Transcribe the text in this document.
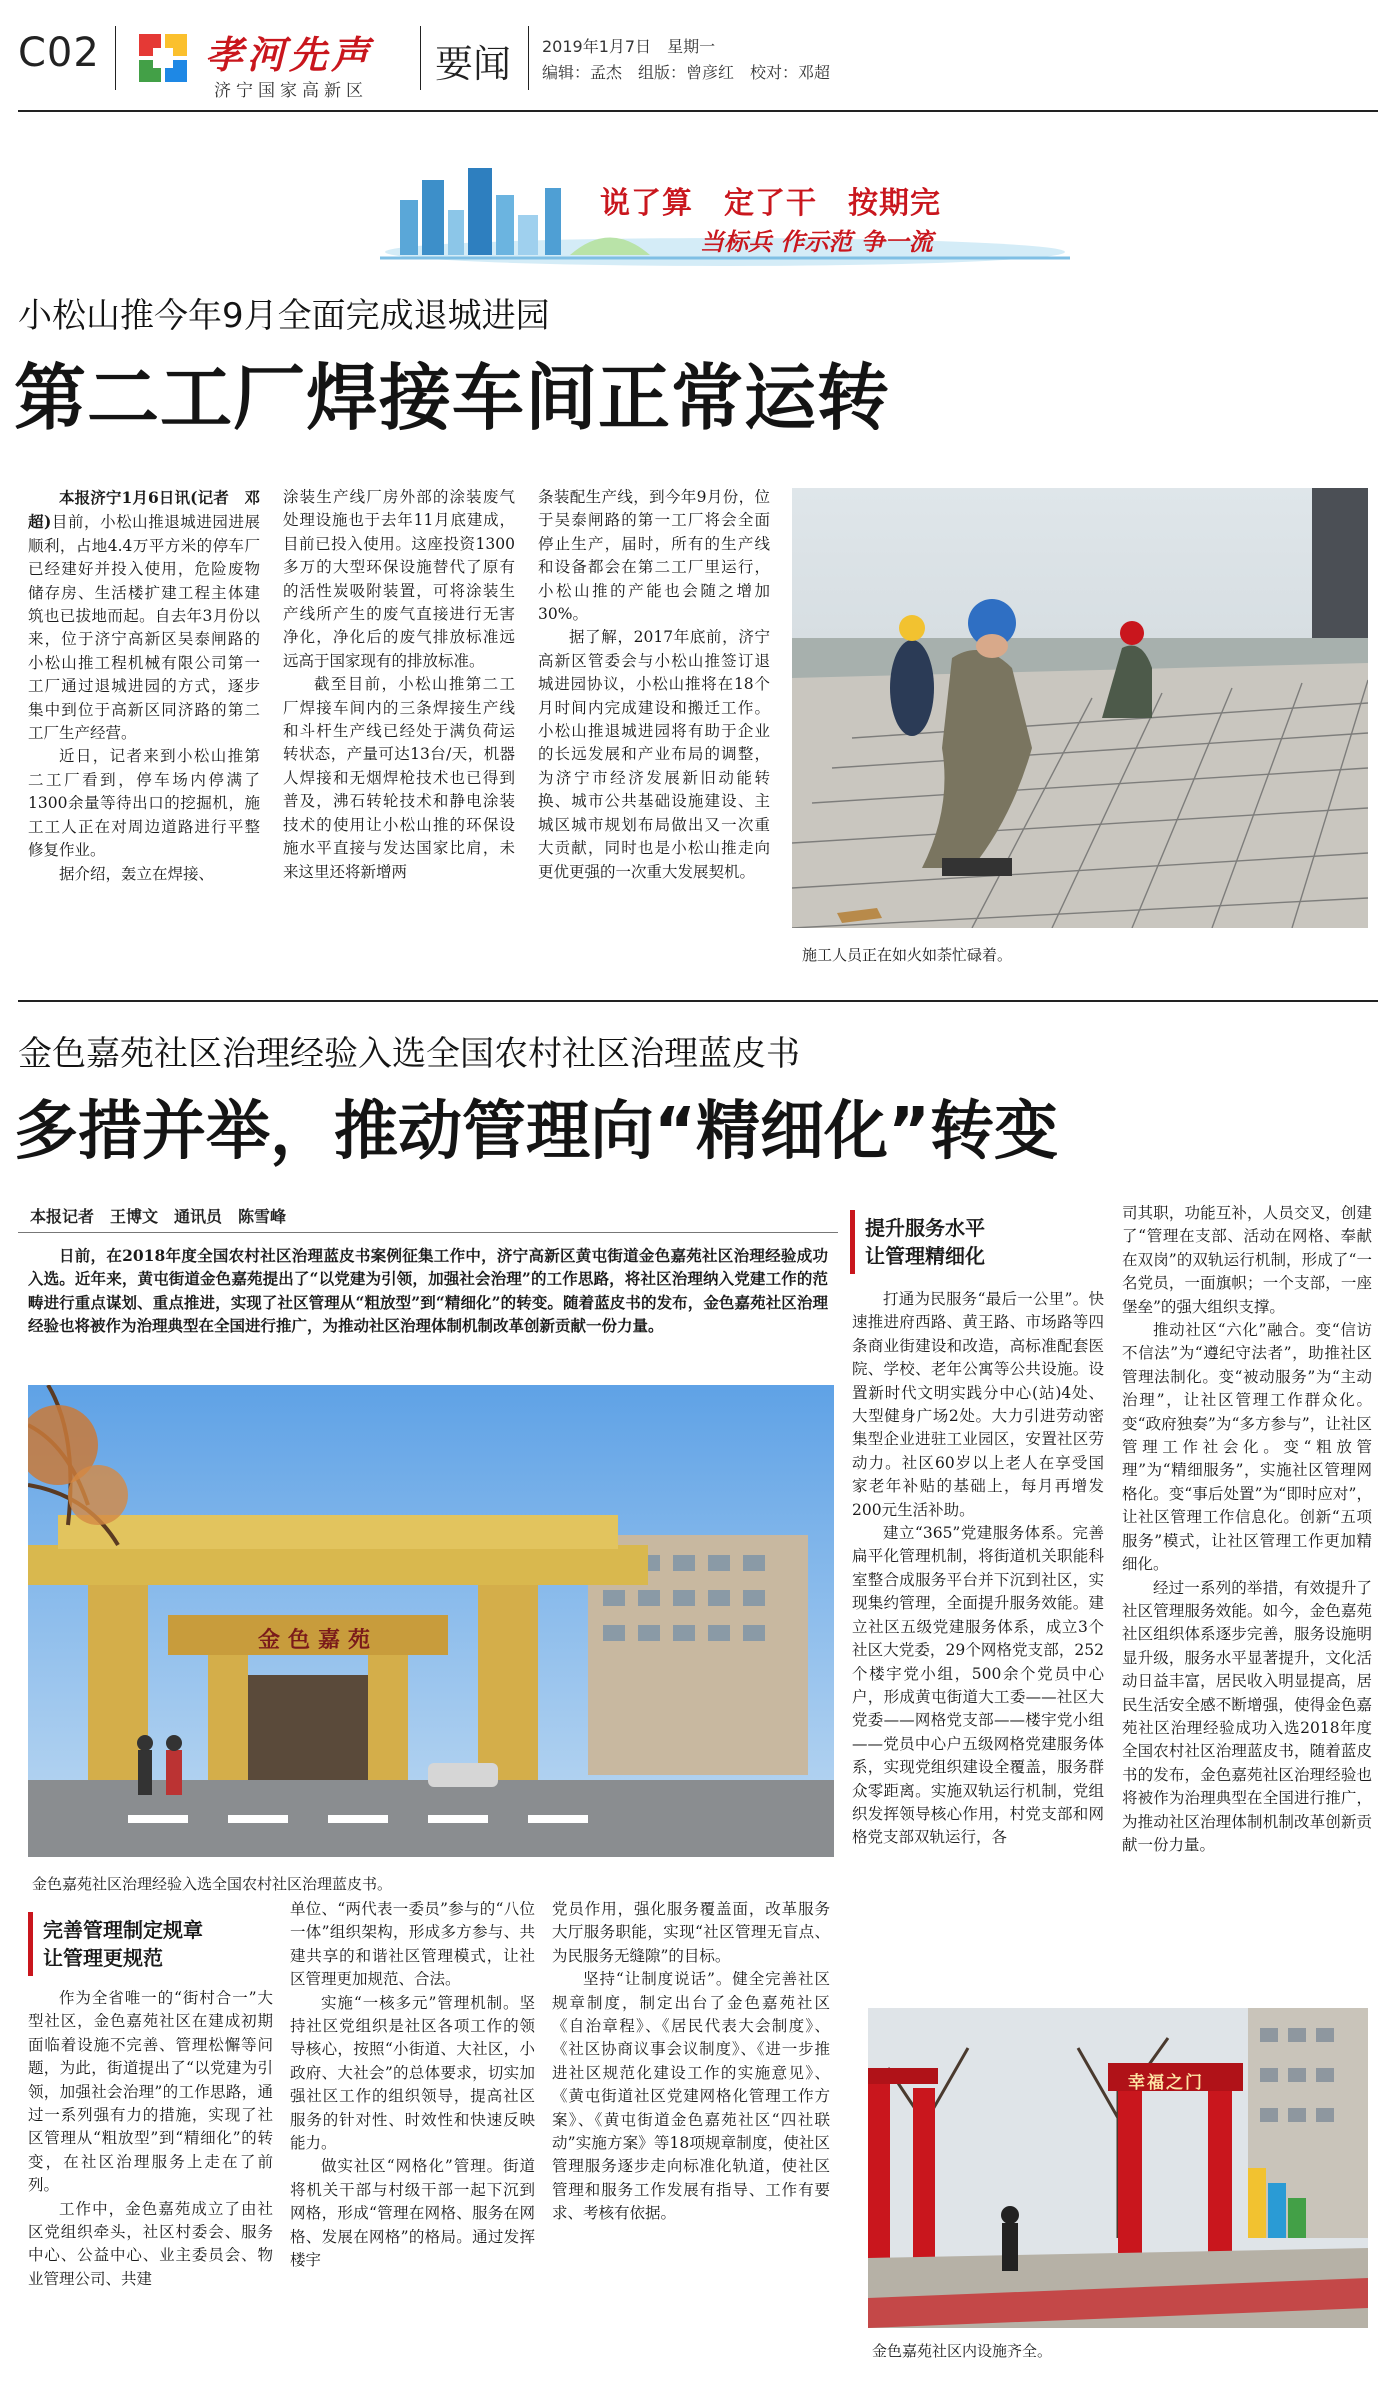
C02	孝河先声
济宁国家高新区
要闻 2019年1月7日　 星期一
编辑：孟杰　组版：曾彦红　校对：邓超
说了算　定了干　按期完
当标兵 作示范 争一流
小松山推今年9月全面完成退城进园
第二工厂焊接车间正常运转

本报济宁1月6日讯(记者　邓超)目前，小松山推退城进园进展顺利，占地4.4万平方米的停车厂已经建好并投入使用，危险废物储存房、生活楼扩建工程主体建筑也已拔地而起。自去年3月份以来，位于济宁高新区吴泰闸路的小松山推工程机械有限公司第一工厂通过退城进园的方式，逐步集中到位于高新区同济路的第二工厂生产经营。

近日，记者来到小松山推第二工厂看到，停车场内停满了1300余量等待出口的挖掘机，施工工人正在对周边道路进行平整修复作业。

据介绍，轰立在焊接、

涂装生产线厂房外部的涂装废气处理设施也于去年11月底建成，目前已投入使用。这座投资1300多万的大型环保设施替代了原有的活性炭吸附装置，可将涂装生产线所产生的废气直接进行无害净化，净化后的废气排放标准远远高于国家现有的排放标准。

截至目前，小松山推第二工厂焊接车间内的三条焊接生产线和斗杆生产线已经处于满负荷运转状态，产量可达13台/天，机器人焊接和无烟焊枪技术也已得到普及，沸石转轮技术和静电涂装技术的使用让小松山推的环保设施水平直接与发达国家比肩，未来这里还将新增两

条装配生产线，到今年9月份，位于吴泰闸路的第一工厂将会全面停止生产，届时，所有的生产线和设备都会在第二工厂里运行，小松山推的产能也会随之增加30%。

据了解，2017年底前，济宁高新区管委会与小松山推签订退城进园协议，小松山推将在18个月时间内完成建设和搬迁工作。小松山推退城进园将有助于企业的长远发展和产业布局的调整，为济宁市经济发展新旧动能转换、城市公共基础设施建设、主城区城市规划布局做出又一次重大贡献，同时也是小松山推走向更优更强的一次重大发展契机。

施工人员正在如火如荼忙碌着。
金色嘉苑社区治理经验入选全国农村社区治理蓝皮书
多措并举，推动管理向“精细化”转变
本报记者　王博文　通讯员　陈雪峰

日前，在2018年度全国农村社区治理蓝皮书案例征集工作中，济宁高新区黄屯街道金色嘉苑社区治理经验成功入选。近年来，黄屯街道金色嘉苑提出了“以党建为引领，加强社会治理”的工作思路，将社区治理纳入党建工作的范畴进行重点谋划、重点推进，实现了社区管理从“粗放型”到“精细化”的转变。随着蓝皮书的发布，金色嘉苑社区治理经验也将被作为治理典型在全国进行推广，为推动社区治理体制机制改革创新贡献一份力量。

金色嘉苑
金色嘉苑社区治理经验入选全国农村社区治理蓝皮书。
完善管理制定规章
让管理更规范

作为全省唯一的“街村合一”大型社区，金色嘉苑社区在建成初期面临着设施不完善、管理松懈等问题，为此，街道提出了“以党建为引领，加强社会治理”的工作思路，通过一系列强有力的措施，实现了社区管理从“粗放型”到“精细化”的转变，在社区治理服务上走在了前列。

工作中，金色嘉苑成立了由社区党组织牵头，社区村委会、服务中心、公益中心、业主委员会、物业管理公司、共建

单位、“两代表一委员”参与的“八位一体”组织架构，形成多方参与、共建共享的和谐社区管理模式，让社区管理更加规范、合法。

实施“一核多元”管理机制。坚持社区党组织是社区各项工作的领导核心，按照“小街道、大社区，小政府、大社会”的总体要求，切实加强社区工作的组织领导，提高社区服务的针对性、时效性和快速反映能力。

做实社区“网格化”管理。街道将机关干部与村级干部一起下沉到网格，形成“管理在网格、服务在网格、发展在网格”的格局。通过发挥楼宇

党员作用，强化服务覆盖面，改革服务大厅服务职能，实现“社区管理无盲点、为民服务无缝隙”的目标。

坚持“让制度说话”。健全完善社区规章制度，制定出台了金色嘉苑社区《自治章程》、《居民代表大会制度》、《社区协商议事会议制度》、《进一步推进社区规范化建设工作的实施意见》、《黄屯街道社区党建网格化管理工作方案》、《黄屯街道金色嘉苑社区“四社联动”实施方案》等18项规章制度，使社区管理服务逐步走向标准化轨道，使社区管理和服务工作发展有指导、工作有要求、考核有依据。

提升服务水平
让管理精细化

打通为民服务“最后一公里”。快速推进府西路、黄王路、市场路等四条商业街建设和改造，高标准配套医院、学校、老年公寓等公共设施。设置新时代文明实践分中心(站)4处、大型健身广场2处。大力引进劳动密集型企业进驻工业园区，安置社区劳动力。社区60岁以上老人在享受国家老年补贴的基础上，每月再增发200元生活补助。

建立“365”党建服务体系。完善扁平化管理机制，将街道机关职能科室整合成服务平台并下沉到社区，实现集约管理，全面提升服务效能。建立社区五级党建服务体系，成立3个社区大党委，29个网格党支部，252个楼宇党小组，500余个党员中心户，形成黄屯街道大工委——社区大党委——网格党支部——楼宇党小组——党员中心户五级网格党建服务体系，实现党组织建设全覆盖，服务群众零距离。实施双轨运行机制，党组织发挥领导核心作用，村党支部和网格党支部双轨运行，各

司其职，功能互补，人员交叉，创建了“管理在支部、活动在网格、奉献在双岗”的双轨运行机制，形成了“一名党员，一面旗帜；一个支部，一座堡垒”的强大组织支撑。

推动社区“六化”融合。变“信访不信法”为“遵纪守法者”，助推社区管理法制化。变“被动服务”为“主动治理”，让社区管理工作群众化。变“政府独奏”为“多方参与”，让社区管理工作社会化。变“粗放管理”为“精细服务”，实施社区管理网格化。变“事后处置”为“即时应对”，让社区管理工作信息化。创新“五项服务”模式，让社区管理工作更加精细化。

经过一系列的举措，有效提升了社区管理服务效能。如今，金色嘉苑社区组织体系逐步完善，服务设施明显升级，服务水平显著提升，文化活动日益丰富，居民收入明显提高，居民生活安全感不断增强，使得金色嘉苑社区治理经验成功入选2018年度全国农村社区治理蓝皮书，随着蓝皮书的发布，金色嘉苑社区治理经验也将被作为治理典型在全国进行推广，为推动社区治理体制机制改革创新贡献一份力量。

幸福之门
金色嘉苑社区内设施齐全。
